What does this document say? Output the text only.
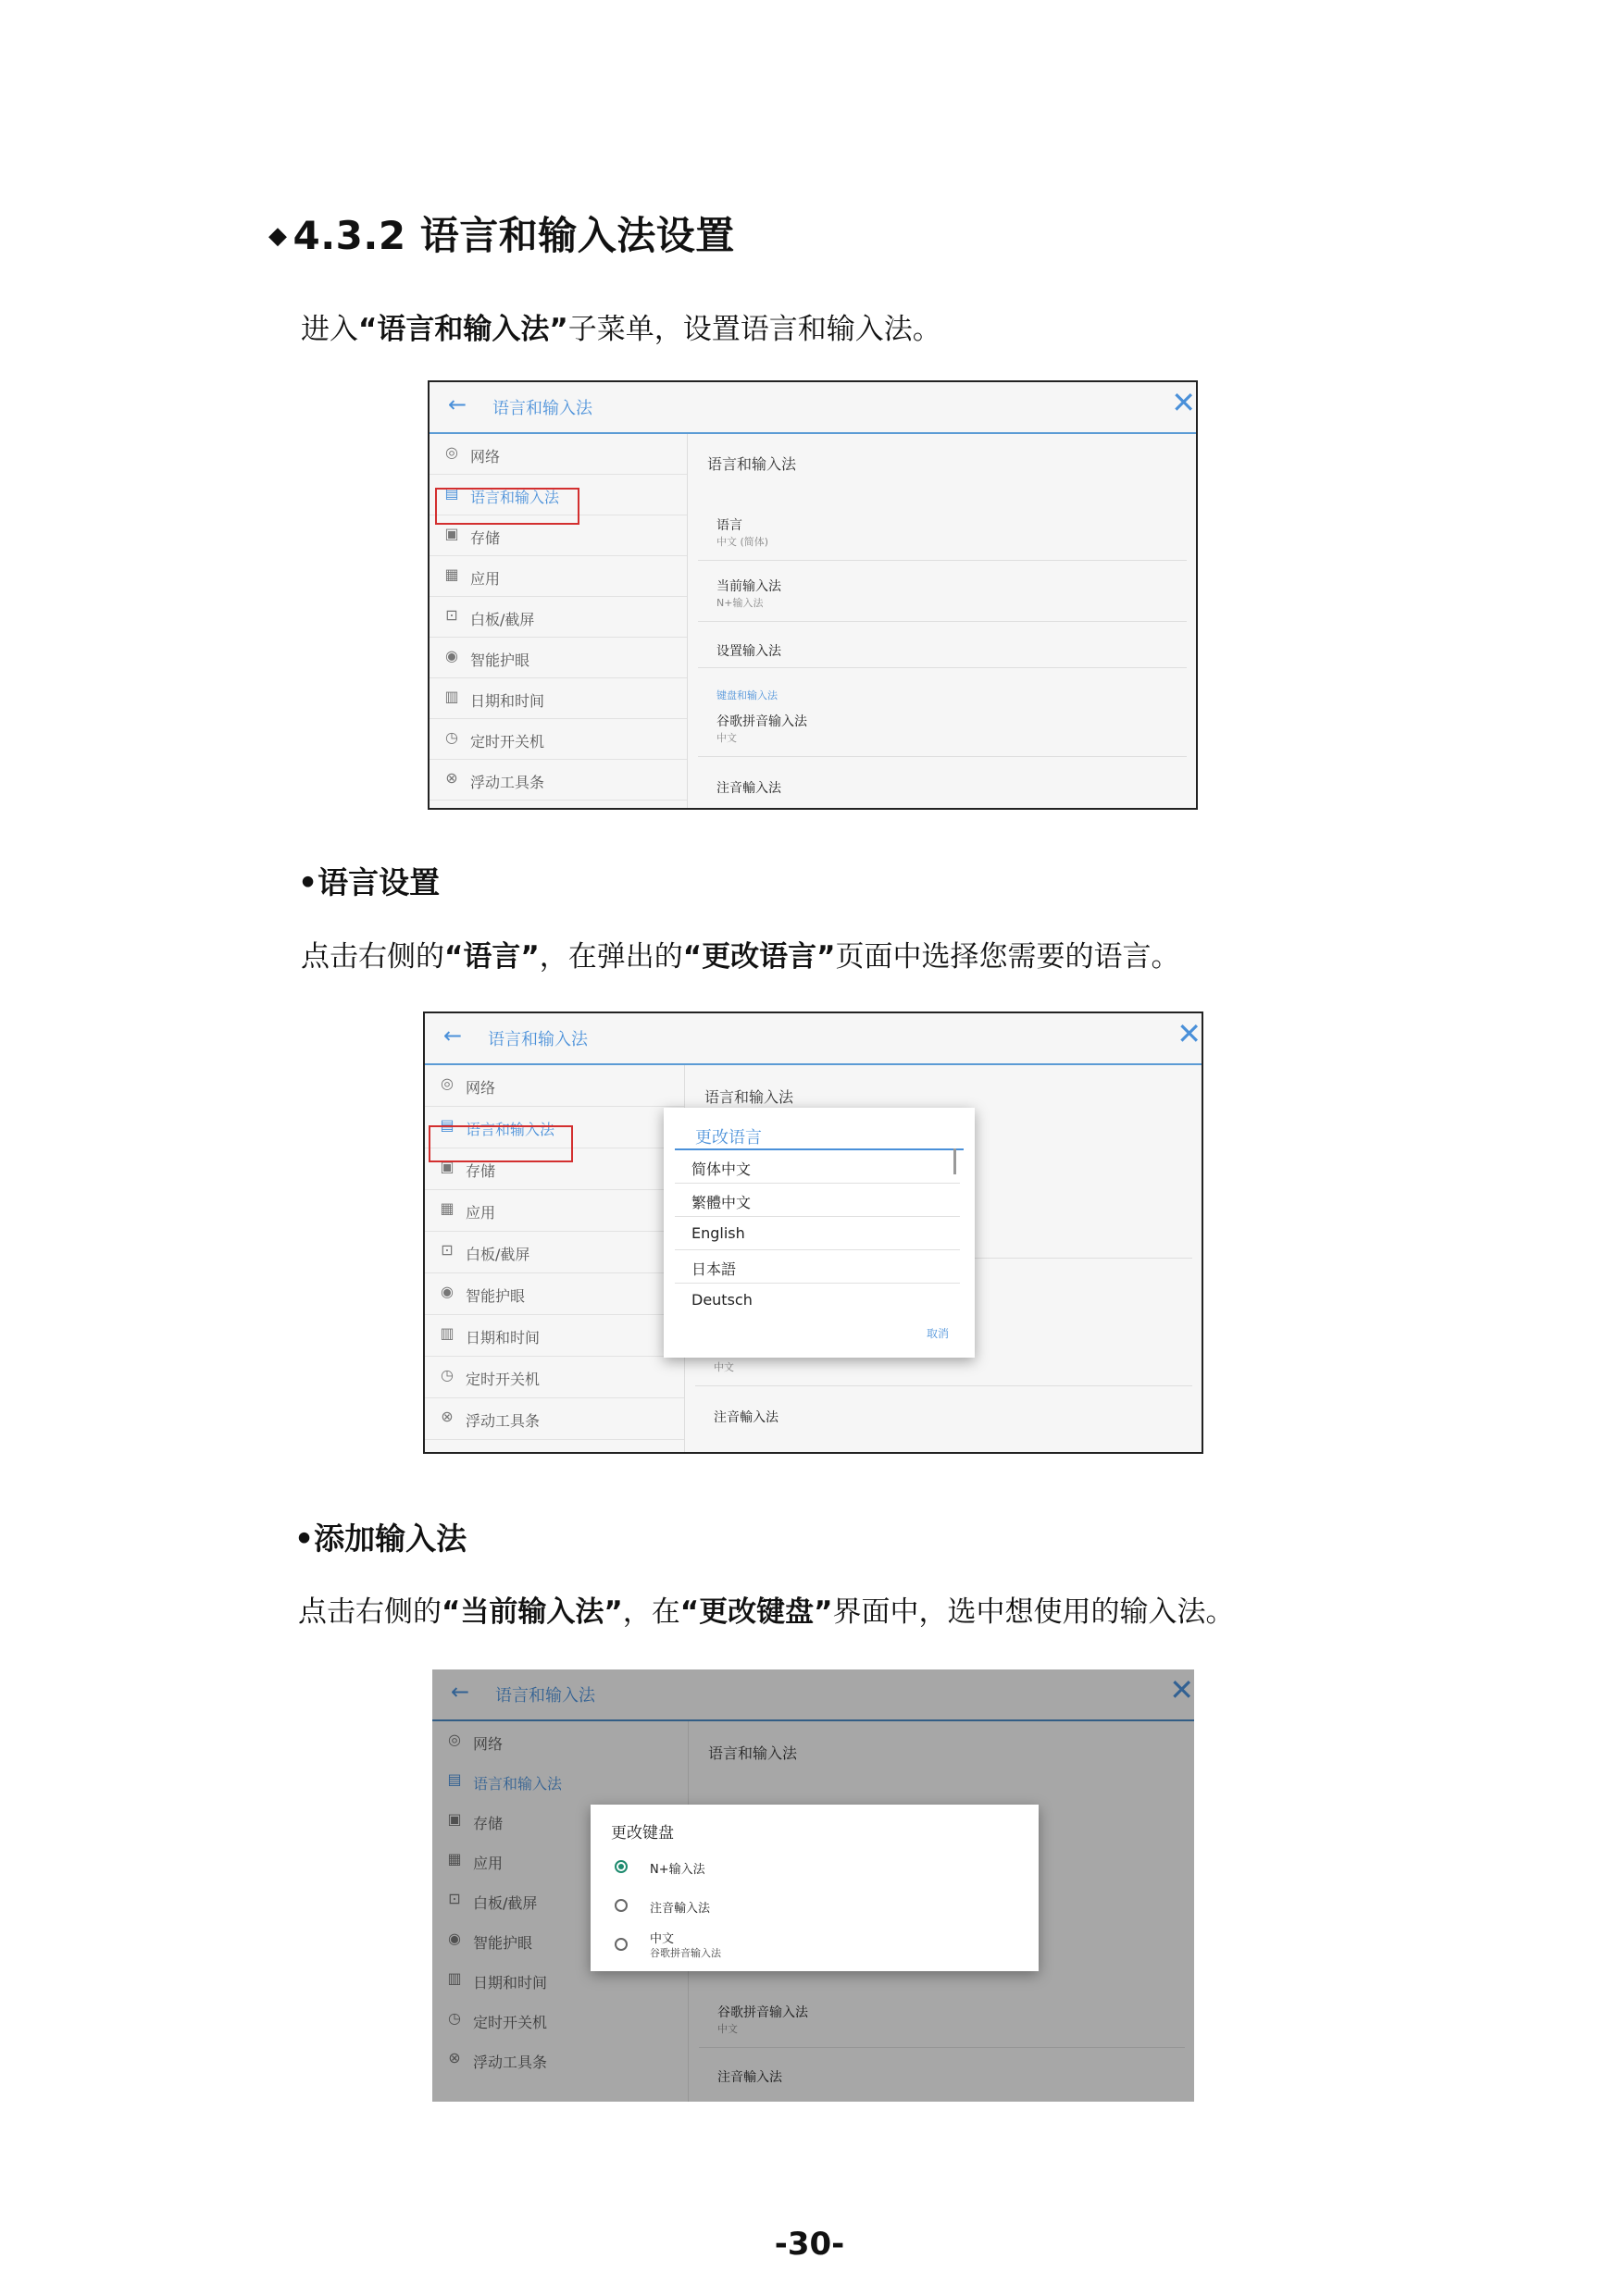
◆ 4.3.2 语言和输入法设置
进入“语言和输入法”子菜单，设置语言和输入法。
← 语言和输入法	✕
◎ 网络
▤ 语言和输入法
▣ 存储
▦ 应用
⊡ 白板/截屏
◉ 智能护眼
▥ 日期和时间
◷ 定时开关机
⊗ 浮动工具条
语言和输入法
语言
中文 (简体)
当前输入法
N+输入法
设置输入法
键盘和输入法
谷歌拼音输入法
中文
注音輸入法
•语言设置
点击右侧的“语言”，在弹出的“更改语言”页面中选择您需要的语言。
← 语言和输入法	✕
◎ 网络
▤ 语言和输入法
▣ 存储
▦ 应用
⊡ 白板/截屏
◉ 智能护眼
▥ 日期和时间
◷ 定时开关机
⊗ 浮动工具条
语言和输入法
中文
注音輸入法
更改语言
简体中文
繁體中文
English
日本語
Deutsch
取消
•添加输入法
点击右侧的“当前输入法”，在“更改键盘”界面中，选中想使用的输入法。
← 语言和输入法	✕
◎ 网络
▤ 语言和输入法
▣ 存储
▦ 应用
⊡ 白板/截屏
◉ 智能护眼
▥ 日期和时间
◷ 定时开关机
⊗ 浮动工具条
语言和输入法
谷歌拼音输入法
中文
注音輸入法
更改键盘
N+输入法
注音輸入法
中文
谷歌拼音输入法
-30-
